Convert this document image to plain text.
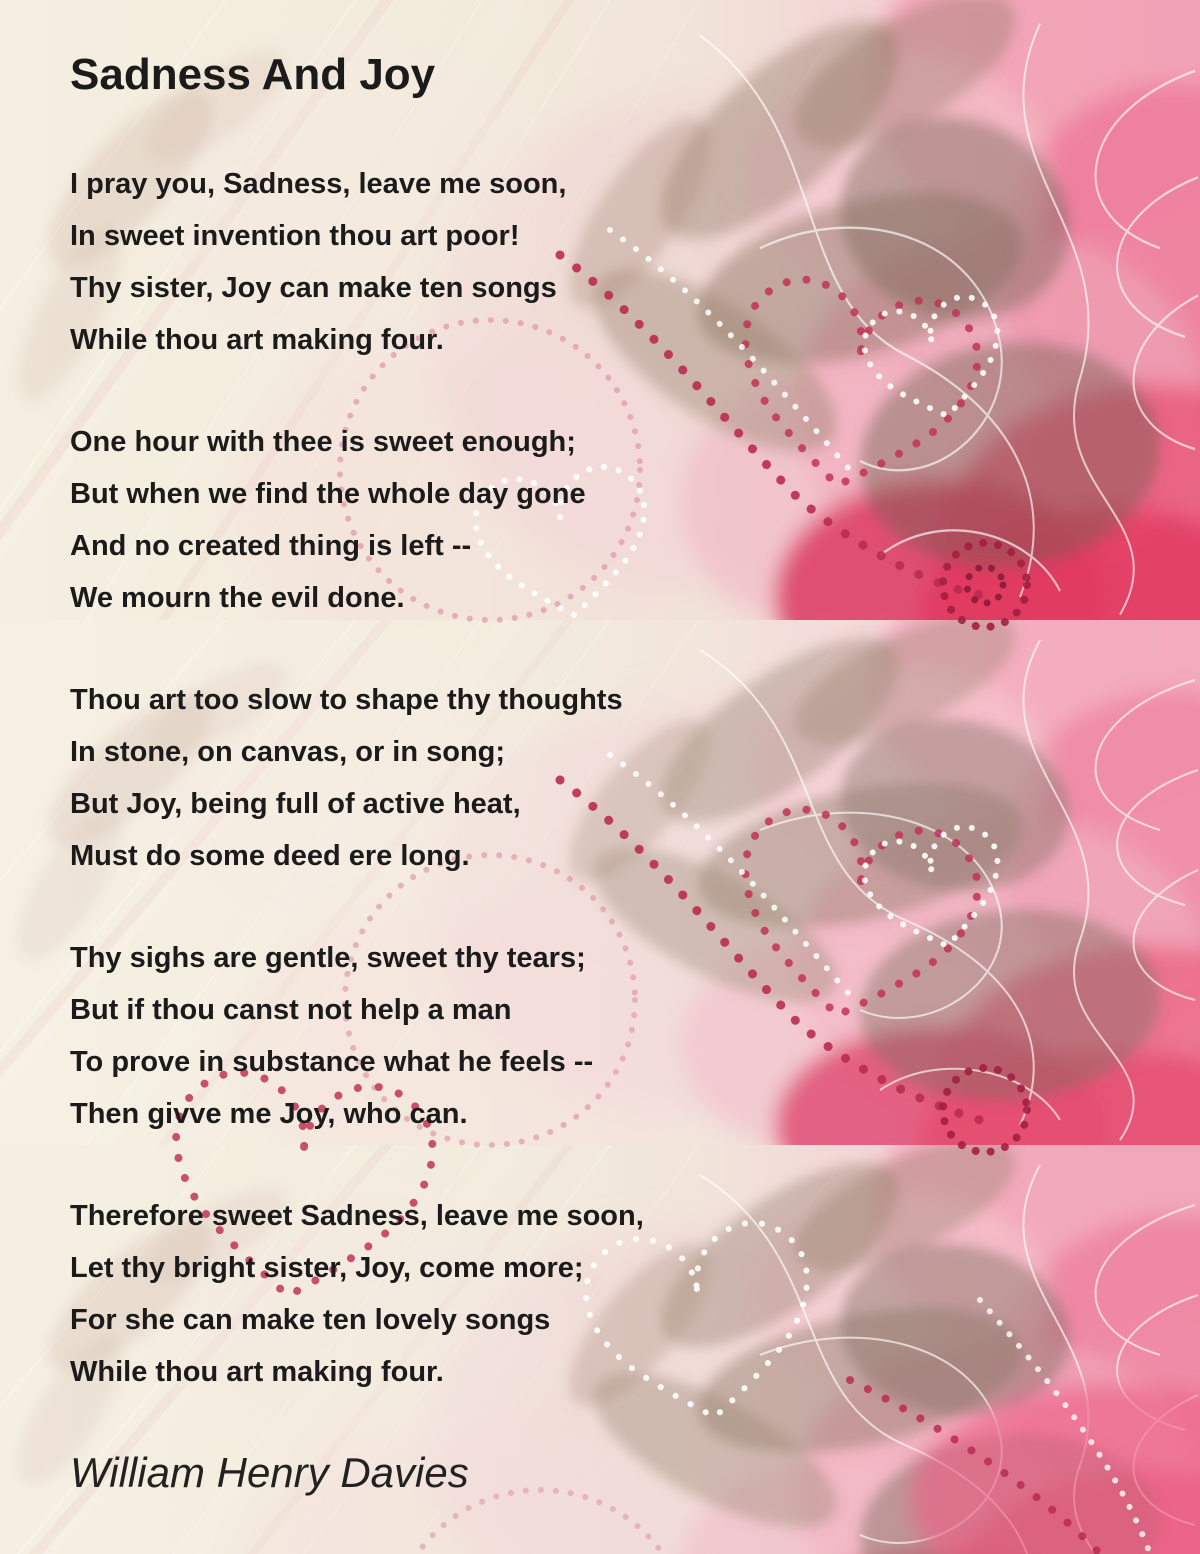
Sadness And Joy
I pray you, Sadness, leave me soon,
In sweet invention thou art poor!
Thy sister, Joy can make ten songs
While thou art making four.
One hour with thee is sweet enough;
But when we find the whole day gone
And no created thing is left --
We mourn the evil done.
Thou art too slow to shape thy thoughts
In stone, on canvas, or in song;
But Joy, being full of active heat,
Must do some deed ere long.
Thy sighs are gentle, sweet thy tears;
But if thou canst not help a man
To prove in substance what he feels --
Then givve me Joy, who can.
Therefore sweet Sadness, leave me soon,
Let thy bright sister, Joy, come more;
For she can make ten lovely songs
While thou art making four.
William Henry Davies
